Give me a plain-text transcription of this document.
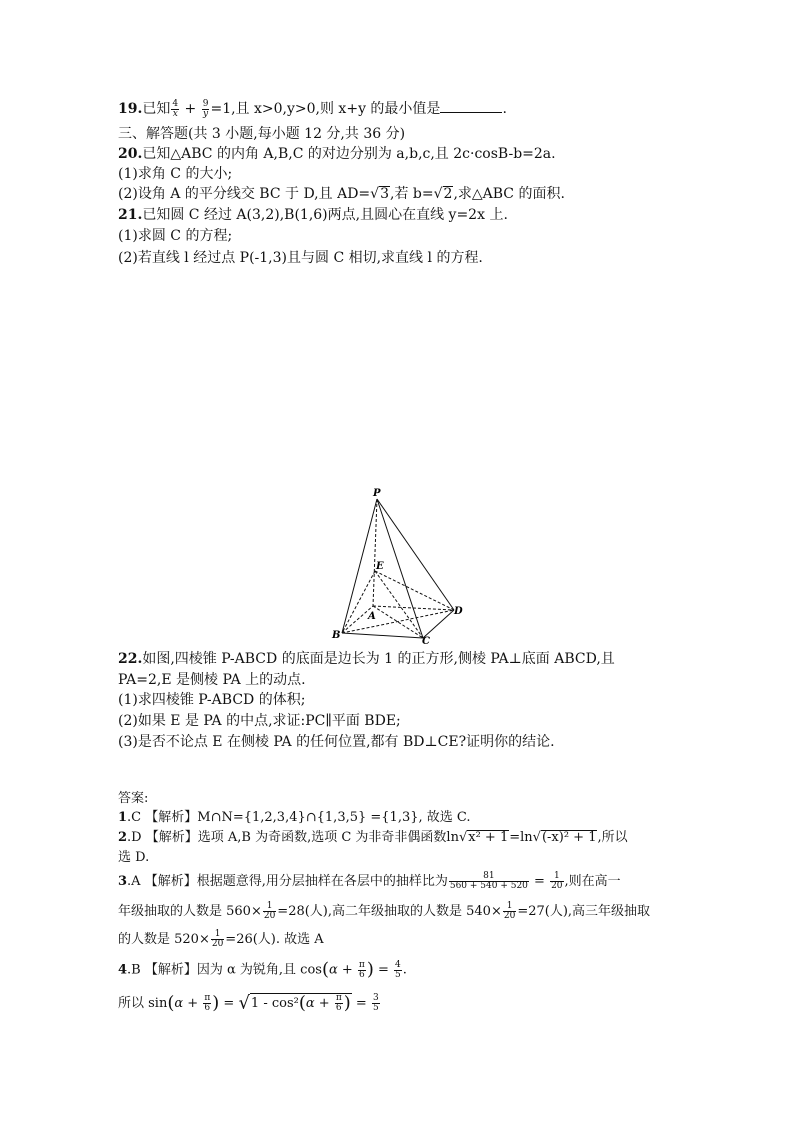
19.已知 $\frac{4}{x} + \frac{9}{y} =1$,且 x>0,y>0,则 x+y 的最小值是	.
三、解答题(共 3 小题,每小题 12 分,共 36 分)
20.已知△ABC 的内角 A,B,C 的对边分别为 a,b,c,且 2c·cosB-b=2a.
(1)求角 C 的大小;
(2)设角 A 的平分线交 BC 于 D,且 AD=√3,若 b=√2,求△ABC 的面积.
21.已知圆 C 经过 A(3,2),B(1,6)两点,且圆心在直线 y=2x 上.
(1)求圆 C 的方程;
(2)若直线 l 经过点 P(-1,3)且与圆 C 相切,求直线 l 的方程.
P
E
A
B
C
D
22.如图,四棱锥 P-ABCD 的底面是边长为 1 的正方形,侧棱 PA⊥底面 ABCD,且
PA=2,E 是侧棱 PA 上的动点.
(1)求四棱锥 P-ABCD 的体积;
(2)如果 E 是 PA 的中点,求证:PC∥平面 BDE;
(3)是否不论点 E 在侧棱 PA 的任何位置,都有 BD⊥CE?证明你的结论.
答案:
1.C 【解析】M∩N={1,2,3,4}∩{1,3,5} ={1,3}, 故选 C.
2.D 【解析】选项 A,B 为奇函数,选项 C 为非奇非偶函数ln√x² + 1=ln√(-x)² + 1,所以
选 D.
3.A 【解析】根据题意得,用分层抽样在各层中的抽样比为 $\frac{81}{560 + 540 + 520} = \frac{1}{20}$ ,则在高一
年级抽取的人数是 $560\times \frac{1}{20} =28$(人),高二年级抽取的人数是 $540\times \frac{1}{20} =27$(人),高三年级抽取
的人数是 $520\times \frac{1}{20} =26$(人). 故选 A
4.B 【解析】因为 α 为锐角,且 $\cos(\alpha + \frac{\pi}{6}$ ) = $\frac{4}{5}$ .
所以 $\sin(\alpha + \frac{\pi}{6}$ ) = $√1 - \cos^2(\alpha + \frac{\pi}{6}$ ) = $\frac{3}{5}$
